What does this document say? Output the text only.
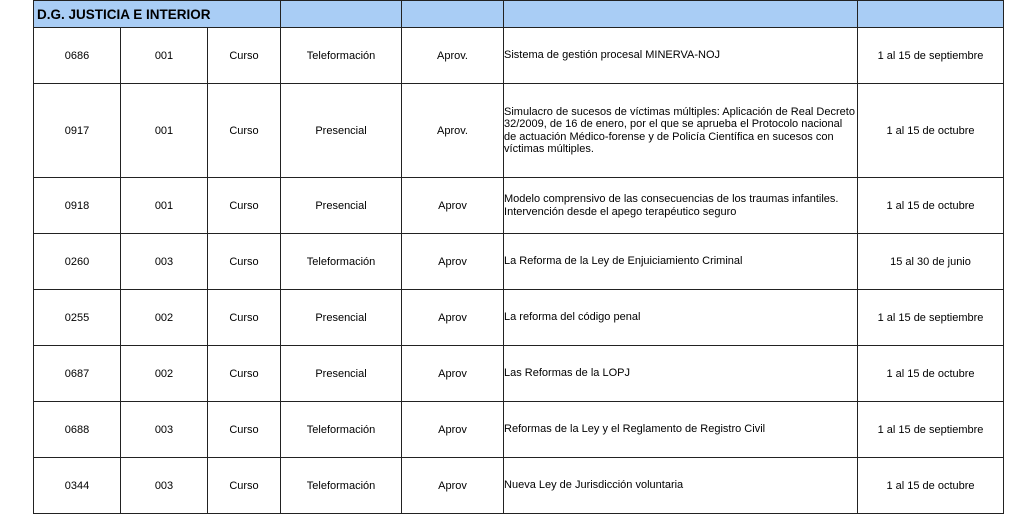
D.G. JUSTICIA E INTERIOR						
0686	001	Curso	Teleformación	Aprov.	Sistema de gestión procesal MINERVA-NOJ	1 al 15 de septiembre
0917	001	Curso	Presencial	Aprov.	Simulacro de sucesos de víctimas múltiples: Aplicación de Real Decreto 32/2009, de 16 de enero, por el que se aprueba el Protocolo nacional de actuación Médico-forense y de Policía Científica en sucesos con víctimas múltiples.	1 al 15 de octubre
0918	001	Curso	Presencial	Aprov	Modelo comprensivo de las consecuencias de los traumas infantiles. Intervención desde el apego terapéutico seguro	1 al 15 de octubre
0260	003	Curso	Teleformación	Aprov	La Reforma de la Ley de Enjuiciamiento Criminal	15 al 30 de junio
0255	002	Curso	Presencial	Aprov	La reforma del código penal	1 al 15 de septiembre
0687	002	Curso	Presencial	Aprov	Las Reformas de la LOPJ	1 al 15 de octubre
0688	003	Curso	Teleformación	Aprov	Reformas de la Ley y el Reglamento de Registro Civil	1 al 15 de septiembre
0344	003	Curso	Teleformación	Aprov	Nueva Ley de Jurisdicción voluntaria	1 al 15 de octubre
